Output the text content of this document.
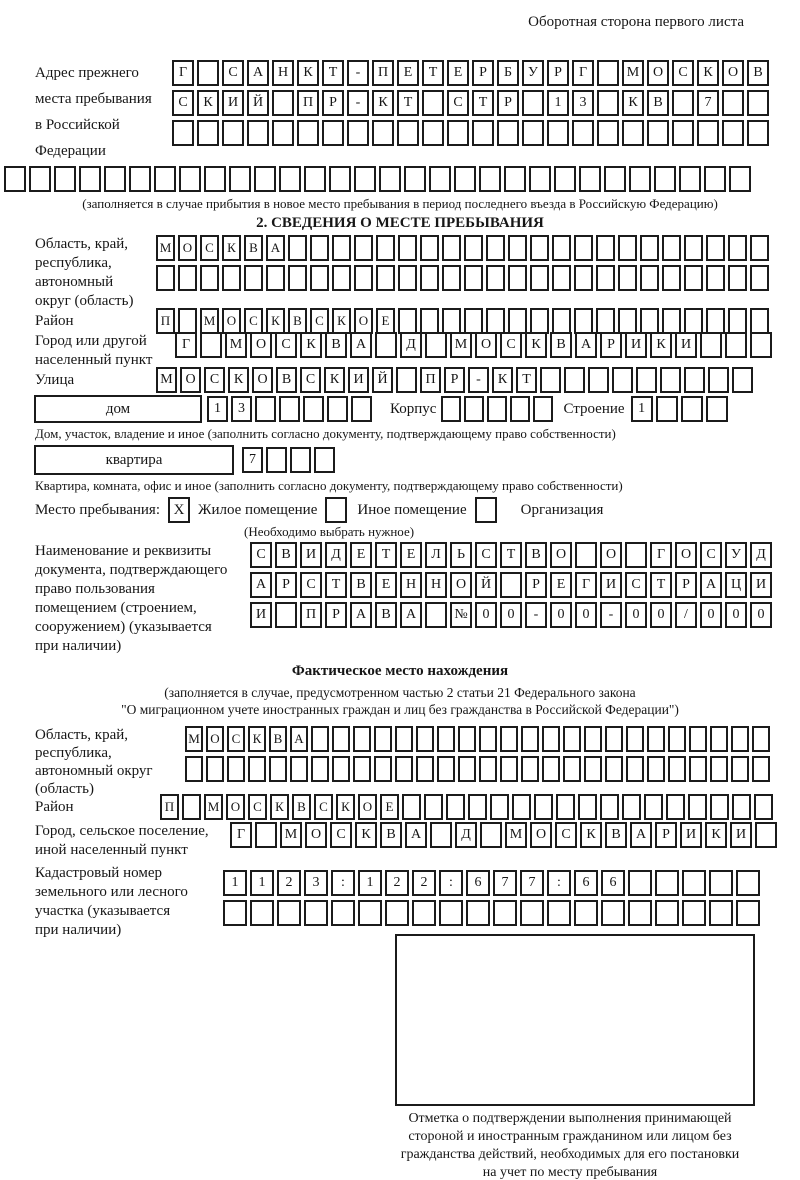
Оборотная сторона первого листа
Адрес прежнего
места пребывания
в Российской
Федерации
Г	С	А	Н	К	Т	-	П	Е	Т	Е	Р	Б	У	Р	Г	М О	С	К	О	В
С	К	И	Й	П	Р	-	К	Т	С	Т	Р	1	3	К	В	7
(заполняется в случае прибытия в новое место пребывания в период последнего въезда в Российскую Федерацию)
2. СВЕДЕНИЯ О МЕСТЕ ПРЕБЫВАНИЯ
Область, край,
республика,
автономный
округ (область)
М О С	К	В А
Район	П	М О С	К	В	С	К О	Е
Город или другой
населенный пункт
Г	М О	С	К	В	А	Д	М О	С	К	В	А	Р	И	К	И
Улица	М О	С	К	О	В	С	К	И Й	П	Р	-	К	Т
дом	1	3	Корпус	Строение 1
Дом, участок, владение и иное (заполнить согласно документу, подтверждающему право собственности)
квартира	7
Квартира, комната, офис и иное (заполнить согласно документу, подтверждающему право собственности)
Место пребывания: X Жилое помещение	Иное помещение	Организация
(Необходимо выбрать нужное)
Наименование и реквизиты
документа, подтверждающего
право пользования
помещением (строением,
сооружением) (указывается
при наличии)
С	В	И	Д	Е	Т	Е	Л	Ь	С	Т	В	О	О	Г	О	С	У	Д
А	Р	С	Т	В	Е	Н	Н	О	Й	Р	Е	Г	И	С	Т	Р	А	Ц	И
И	П	Р	А	В	А	№	0	0	-	0	0	-	0	0	/	0	0	0
Фактическое место нахождения
(заполняется в случае, предусмотренном частью 2 статьи 21 Федерального закона
"О миграционном учете иностранных граждан и лиц без гражданства в Российской Федерации")
Область, край,
республика,
автономный округ
(область)
М О С К В А
Район	П	М О С	К	В	С	К О	Е
Город, сельское поселение,
иной населенный пункт
Г	М О	С	К	В	А	Д	М О	С	К	В	А	Р	И	К	И
Кадастровый номер
земельного или лесного
участка (указывается
при наличии)
1	1	2	3	:	1	2	2	:	6	7	7	:	6	6
Отметка о подтверждении выполнения принимающей
стороной и иностранным гражданином или лицом без
гражданства действий, необходимых для его постановки
на учет по месту пребывания
